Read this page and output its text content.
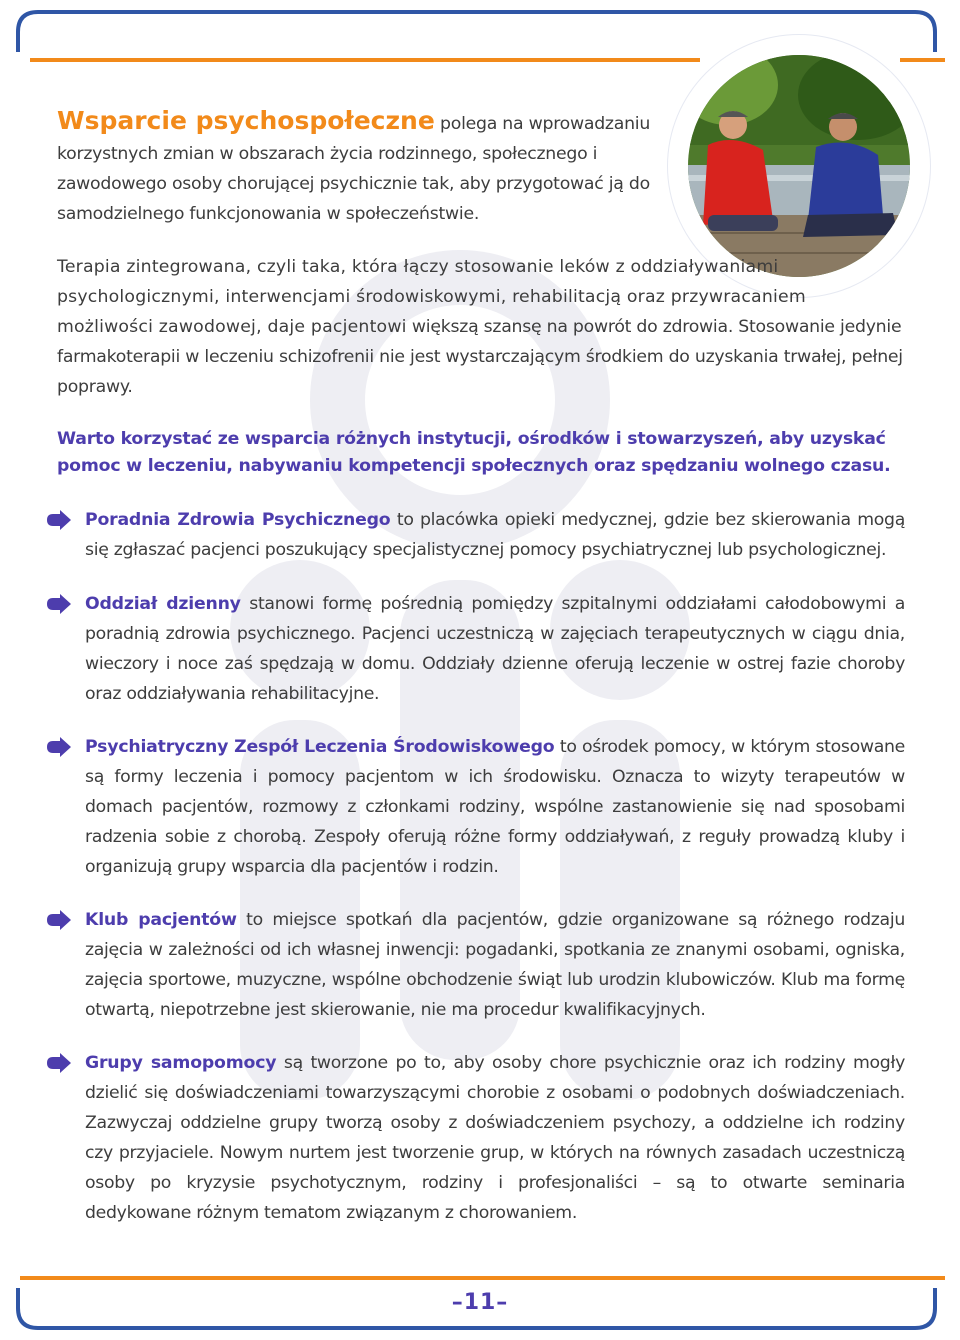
Wsparcie psychospołeczne polega na wprowadzaniu korzystnych zmian w obszarach życia rodzinnego, społecznego i zawodowego osoby chorującej psychicznie tak, aby przygotować ją do samodzielnego funkcjonowania w społeczeństwie.
Terapia zintegrowana, czyli taka, która łączy stosowanie leków z oddziaływaniami psychologicznymi, interwencjami środowiskowymi, rehabilitacją oraz przywracaniem możliwości zawodowej, daje pacjentowi większą szansę na powrót do zdrowia. Stosowanie jedynie farmakoterapii w leczeniu schizofrenii nie jest wystarczającym środkiem do uzyskania trwałej, pełnej poprawy.
Warto korzystać ze wsparcia różnych instytucji, ośrodków i stowarzyszeń, aby uzyskać pomoc w leczeniu, nabywaniu kompetencji społecznych oraz spędzaniu wolnego czasu.
Poradnia Zdrowia Psychicznego to placówka opieki medycznej, gdzie bez skierowania mogą się zgłaszać pacjenci poszukujący specjalistycznej pomocy psychiatrycznej lub psychologicznej.
Oddział dzienny stanowi formę pośrednią pomiędzy szpitalnymi oddziałami całodobowymi a poradnią zdrowia psychicznego. Pacjenci uczestniczą w zajęciach terapeutycznych w ciągu dnia, wieczory i noce zaś spędzają w domu. Oddziały dzienne oferują leczenie w ostrej fazie choroby oraz oddziaływania rehabilitacyjne.
Psychiatryczny Zespół Leczenia Środowiskowego to ośrodek pomocy, w którym stosowane są formy leczenia i pomocy pacjentom w ich środowisku. Oznacza to wizyty terapeutów w domach pacjentów, rozmowy z członkami rodziny, wspólne zastanowienie się nad sposobami radzenia sobie z chorobą. Zespoły oferują różne formy oddziaływań, z reguły prowadzą kluby i organizują grupy wsparcia dla pacjentów i rodzin.
Klub pacjentów to miejsce spotkań dla pacjentów, gdzie organizowane są różnego rodzaju zajęcia w zależności od ich własnej inwencji: pogadanki, spotkania ze znanymi osobami, ogniska, zajęcia sportowe, muzyczne, wspólne obchodzenie świąt lub urodzin klubowiczów. Klub ma formę otwartą, niepotrzebne jest skierowanie, nie ma procedur kwalifikacyjnych.
Grupy samopomocy są tworzone po to, aby osoby chore psychicznie oraz ich rodziny mogły dzielić się doświadczeniami towarzyszącymi chorobie z osobami o podobnych doświadczeniach. Zazwyczaj oddzielne grupy tworzą osoby z doświadczeniem psychozy, a oddzielne ich rodziny czy przyjaciele. Nowym nurtem jest tworzenie grup, w których na równych zasadach uczestniczą osoby po kryzysie psychotycznym, rodziny i profesjonaliści – są to otwarte seminaria dedykowane różnym tematom związanym z chorowaniem.
–11–
